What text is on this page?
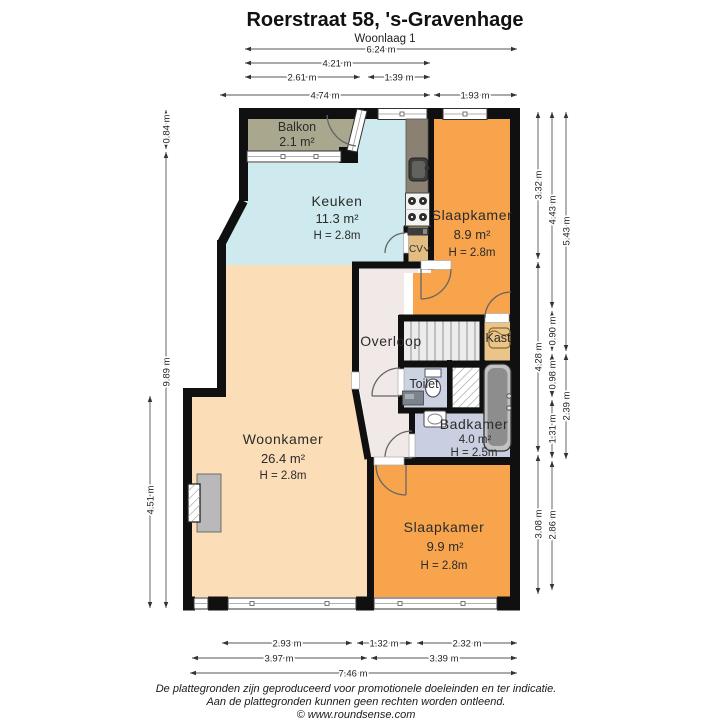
Roerstraat 58, 's-Gravenhage
Woonlaag 1
Balkon
2.1 m²
Keuken
11.3 m²
H = 2.8m
Slaapkamer
8.9 m²
H = 2.8m
Overloop	Kast
CV
Toilet
Badkamer
4.0 m²
H = 2.5m
Woonkamer
26.4 m²
H = 2.8m
Slaapkamer
9.9 m²
H = 2.8m
6.24 m
4.21 m
2.61 m	1.39 m
4.74 m	1.93 m
2.93 m	1.32 m	2.32 m
3.97 m	3.39 m
7.46 m
0.84 m
9.89 m
4.51 m
3.32 m
4.28 m
3.08 m
4.43 m
0.90 m
0.98 m
1.31 m
2.86 m
5.43 m
2.39 m
De plattegronden zijn geproduceerd voor promotionele doeleinden en ter indicatie.
Aan de plattegronden kunnen geen rechten worden ontleend.
© www.roundsense.com
